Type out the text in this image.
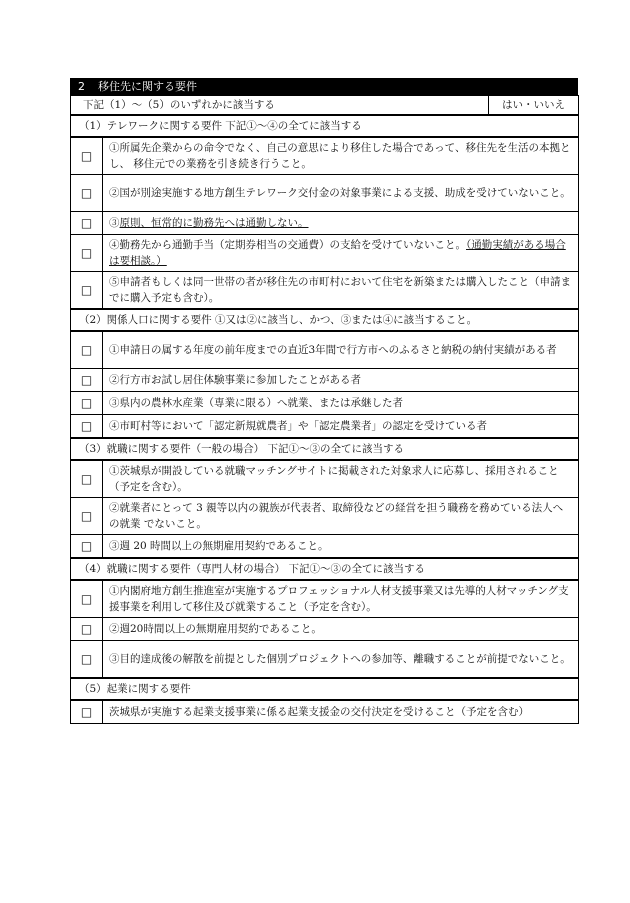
2 移住先に関する要件
下記（1）～（5）のいずれかに該当する		はい・いいえ
（1）テレワークに関する要件 下記①～④の全てに該当する		
□	①所属先企業からの命令でなく、自己の意思により移住した場合であって、移住先を生活の本拠とし、 移住元での業務を引き続き行うこと。	
□	②国が別途実施する地方創生テレワーク交付金の対象事業による支援、助成を受けていないこと。	
□	③原則、恒常的に勤務先へは通勤しない。	
□	④勤務先から通勤手当（定期券相当の交通費）の支給を受けていないこと。（通勤実績がある場合は要相談。）	
□	⑤申請者もしくは同一世帯の者が移住先の市町村において住宅を新築または購入したこと（申請までに購入予定も含む）。	
（2）関係人口に関する要件 ①又は②に該当し、かつ、③または④に該当すること。		
□	①申請日の属する年度の前年度までの直近3年間で行方市へのふるさと納税の納付実績がある者	
□	②行方市お試し居住体験事業に参加したことがある者	
□	③県内の農林水産業（専業に限る）へ就業、または承継した者	
□	④市町村等において「認定新規就農者」や「認定農業者」の認定を受けている者	
（3）就職に関する要件（一般の場合） 下記①～③の全てに該当する		
□	①茨城県が開設している就職マッチングサイトに掲載された対象求人に応募し、採用されること（予定を含む）。	
□	②就業者にとって 3 親等以内の親族が代表者、取締役などの経営を担う職務を務めている法人への就業 でないこと。	
□	③週 20 時間以上の無期雇用契約であること。	
（4）就職に関する要件（専門人材の場合） 下記①～③の全てに該当する		
□	①内閣府地方創生推進室が実施するプロフェッショナル人材支援事業又は先導的人材マッチング支援事業を利用して移住及び就業すること（予定を含む）。	
□	②週20時間以上の無期雇用契約であること。	
□	③目的達成後の解散を前提とした個別プロジェクトへの参加等、離職することが前提でないこと。	
（5）起業に関する要件		
□	茨城県が実施する起業支援事業に係る起業支援金の交付決定を受けること（予定を含む）	
